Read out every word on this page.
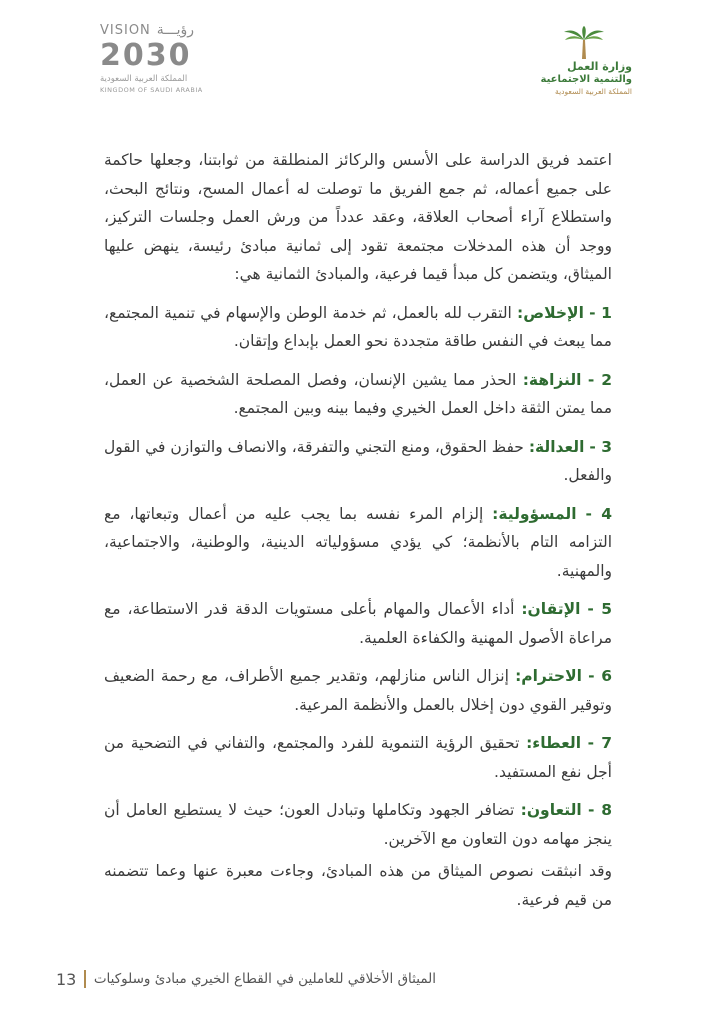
VISION رؤيـــة
2030
المملكة العربية السعودية
KINGDOM OF SAUDI ARABIA
وزارة العمل
والتنمية الاجتماعية
المملكة العربية السعودية

اعتمد فريق الدراسة على الأسس والركائز المنطلقة من ثوابتنا، وجعلها حاكمة على جميع أعماله، ثم جمع الفريق ما توصلت له أعمال المسح، ونتائج البحث، واستطلاع آراء أصحاب العلاقة، وعقد عدداً من ورش العمل وجلسات التركيز، ووجد أن هذه المدخلات مجتمعة تقود إلى ثمانية مبادئ رئيسة، ينهض عليها الميثاق، ويتضمن كل مبدأ قيما فرعية، والمبادئ الثمانية هي:

1 - الإخلاص: التقرب لله بالعمل، ثم خدمة الوطن والإسهام في تنمية المجتمع، مما يبعث في النفس طاقة متجددة نحو العمل بإبداع وإتقان.

2 - النزاهة: الحذر مما يشين الإنسان، وفصل المصلحة الشخصية عن العمل، مما يمتن الثقة داخل العمل الخيري وفيما بينه وبين المجتمع.

3 - العدالة: حفظ الحقوق، ومنع التجني والتفرقة، والانصاف والتوازن في القول والفعل.

4 - المسؤولية: إلزام المرء نفسه بما يجب عليه من أعمال وتبعاتها، مع التزامه التام بالأنظمة؛ كي يؤدي مسؤولياته الدينية، والوطنية، والاجتماعية، والمهنية.

5 - الإتقان: أداء الأعمال والمهام بأعلى مستويات الدقة قدر الاستطاعة، مع مراعاة الأصول المهنية والكفاءة العلمية.

6 - الاحترام: إنزال الناس منازلهم، وتقدير جميع الأطراف، مع رحمة الضعيف وتوقير القوي دون إخلال بالعمل والأنظمة المرعية.

7 - العطاء: تحقيق الرؤية التنموية للفرد والمجتمع، والتفاني في التضحية من أجل نفع المستفيد.

8 - التعاون: تضافر الجهود وتكاملها وتبادل العون؛ حيث لا يستطيع العامل أن ينجز مهامه دون التعاون مع الآخرين.

وقد انبثقت نصوص الميثاق من هذه المبادئ، وجاءت معبرة عنها وعما تتضمنه من قيم فرعية.

13 الميثاق الأخلاقي للعاملين في القطاع الخيري مبادئ وسلوكيات
